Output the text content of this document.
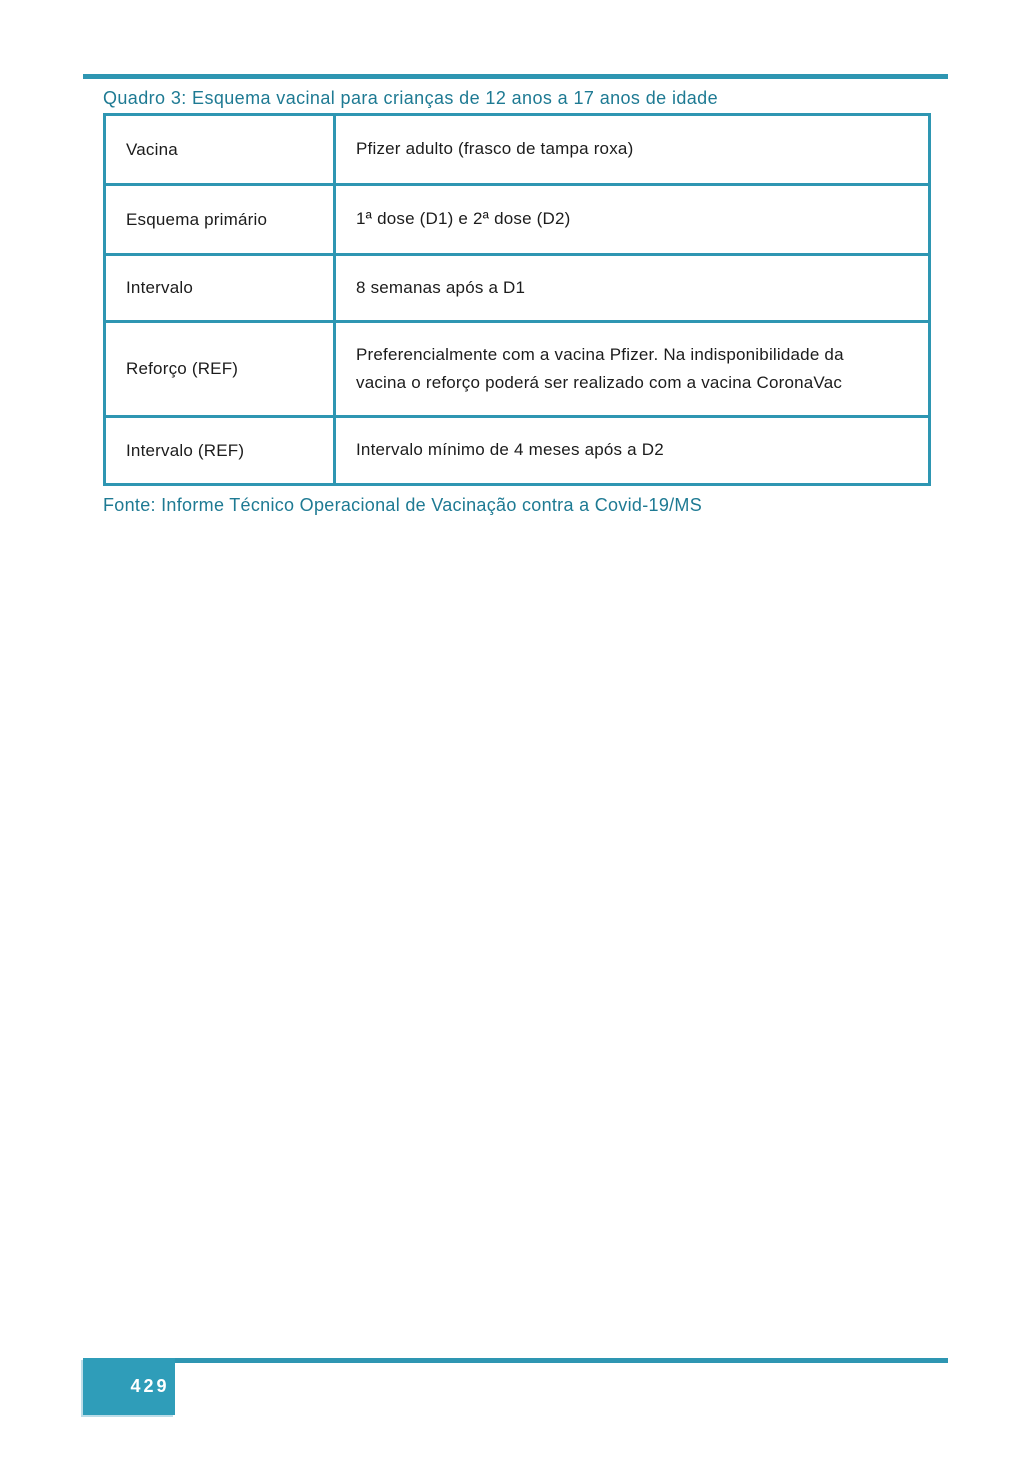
Quadro 3: Esquema vacinal para crianças de 12 anos a 17 anos de idade
Vacina	Pfizer adulto (frasco de tampa roxa)
Esquema primário	1ª dose (D1) e 2ª dose (D2)
Intervalo	8 semanas após a D1
Reforço (REF)	Preferencialmente com a vacina Pfizer. Na indisponibilidade da vacina o reforço poderá ser realizado com a vacina CoronaVac
Intervalo (REF)	Intervalo mínimo de 4 meses após a D2
Fonte: Informe Técnico Operacional de Vacinação contra a Covid-19/MS
429
